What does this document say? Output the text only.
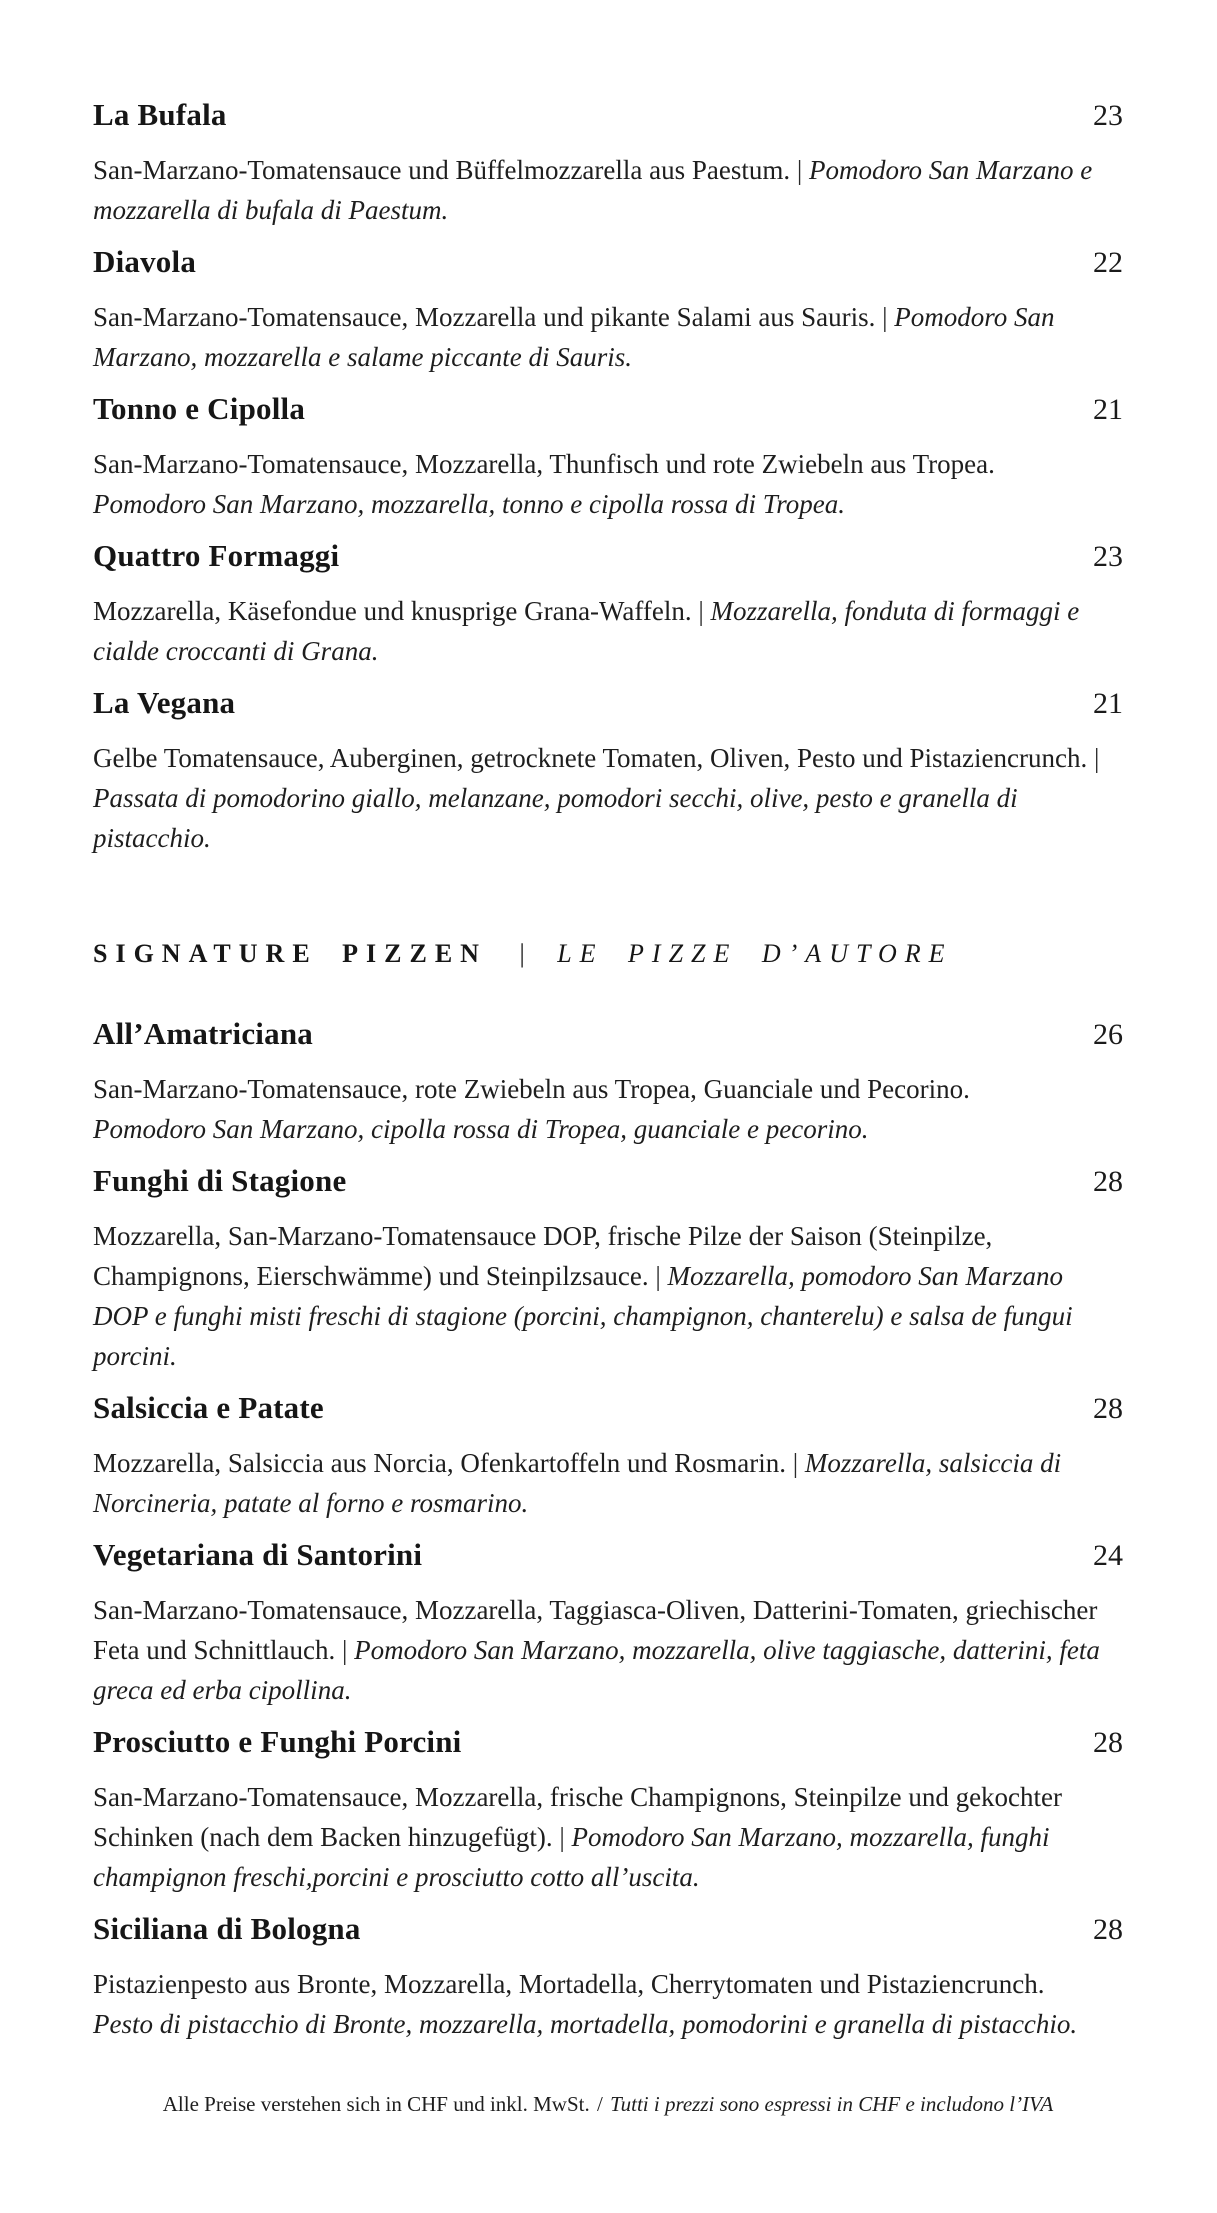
La Bufala	23

San-Marzano-Tomatensauce und Büffelmozzarella aus Paestum. | Pomodoro San Marzano e mozzarella di bufala di Paestum.

Diavola	22

San-Marzano-Tomatensauce, Mozzarella und pikante Salami aus Sauris. | Pomodoro San Marzano, mozzarella e salame piccante di Sauris.

Tonno e Cipolla	21

San-Marzano-Tomatensauce, Mozzarella, Thunfisch und rote Zwiebeln aus Tropea.
Pomodoro San Marzano, mozzarella, tonno e cipolla rossa di Tropea.

Quattro Formaggi	23

Mozzarella, Käsefondue und knusprige Grana-Waffeln. | Mozzarella, fonduta di formaggi e cialde croccanti di Grana.

La Vegana	21

Gelbe Tomatensauce, Auberginen, getrocknete Tomaten, Oliven, Pesto und Pistaziencrunch. | Passata di pomodorino giallo, melanzane, pomodori secchi, olive, pesto e granella di pistacchio.

SIGNATURE PIZZEN | LE PIZZE D’AUTORE
All’Amatriciana	26

San-Marzano-Tomatensauce, rote Zwiebeln aus Tropea, Guanciale und Pecorino.
Pomodoro San Marzano, cipolla rossa di Tropea, guanciale e pecorino.

Funghi di Stagione	28

Mozzarella, San-Marzano-Tomatensauce DOP, frische Pilze der Saison (Steinpilze, Champignons, Eierschwämme) und Steinpilzsauce. | Mozzarella, pomodoro San Marzano DOP e funghi misti freschi di stagione (porcini, champignon, chanterelu) e salsa de fungui porcini.

Salsiccia e Patate	28

Mozzarella, Salsiccia aus Norcia, Ofenkartoffeln und Rosmarin. | Mozzarella, salsiccia di Norcineria, patate al forno e rosmarino.

Vegetariana di Santorini	24

San-Marzano-Tomatensauce, Mozzarella, Taggiasca-Oliven, Datterini-Tomaten, griechischer Feta und Schnittlauch. | Pomodoro San Marzano, mozzarella, olive taggiasche, datterini, feta greca ed erba cipollina.

Prosciutto e Funghi Porcini	28

San-Marzano-Tomatensauce, Mozzarella, frische Champignons, Steinpilze und gekochter Schinken (nach dem Backen hinzugefügt). | Pomodoro San Marzano, mozzarella, funghi champignon freschi,porcini e prosciutto cotto all’uscita.

Siciliana di Bologna	28

Pistazienpesto aus Bronte, Mozzarella, Mortadella, Cherrytomaten und Pistaziencrunch.
Pesto di pistacchio di Bronte, mozzarella, mortadella, pomodorini e granella di pistacchio.

Alle Preise verstehen sich in CHF und inkl. MwSt. / Tutti i prezzi sono espressi in CHF e includono l’IVA
